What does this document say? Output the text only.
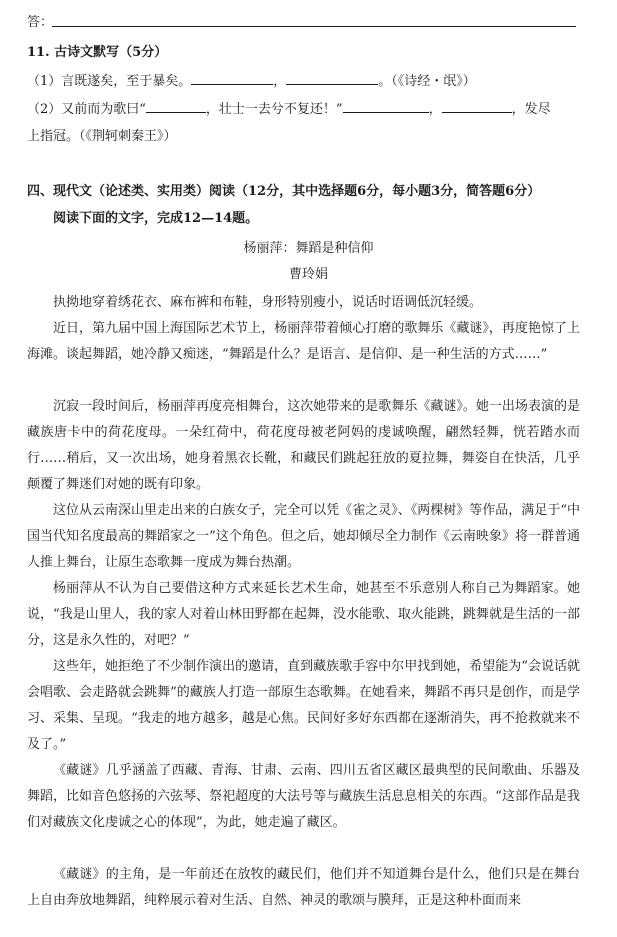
答：
11. 古诗文默写（5分）
（1）言既遂矣，至于暴矣。	，	。（《诗经・氓》）
（2）又前而为歌曰“	，壮士一去兮不复还！”	，	，发尽
上指冠。（《荆轲刺秦王》）
四、现代文（论述类、实用类）阅读（12分，其中选择题6分，每小题3分，简答题6分）
阅读下面的文字，完成12—14题。
杨丽萍：舞蹈是种信仰
曹玲娟
执拗地穿着绣花衣、麻布裤和布鞋，身形特别瘦小，说话时语调低沉轻缓。
近日，第九届中国上海国际艺术节上，杨丽萍带着倾心打磨的歌舞乐《藏谜》，再度艳惊了上海滩。谈起舞蹈，她冷静又痴迷，“舞蹈是什么？是语言、是信仰、是一种生活的方式……”
沉寂一段时间后，杨丽萍再度亮相舞台，这次她带来的是歌舞乐《藏谜》。她一出场表演的是藏族唐卡中的荷花度母。一朵红荷中，荷花度母被老阿妈的虔诚唤醒，翩然轻舞，恍若踏水而行……稍后，又一次出场，她身着黑衣长靴，和藏民们跳起狂放的夏拉舞，舞姿自在快活，几乎颠覆了舞迷们对她的既有印象。
这位从云南深山里走出来的白族女子，完全可以凭《雀之灵》、《两棵树》等作品，满足于“中国当代知名度最高的舞蹈家之一”这个角色。但之后，她却倾尽全力制作《云南映象》将一群普通人推上舞台，让原生态歌舞一度成为舞台热潮。
杨丽萍从不认为自己要借这种方式来延长艺术生命，她甚至不乐意别人称自己为舞蹈家。她说，“我是山里人，我的家人对着山林田野都在起舞，没水能歌、取火能跳，跳舞就是生活的一部分，这是永久性的，对吧？”
这些年，她拒绝了不少制作演出的邀请，直到藏族歌手容中尔甲找到她，希望能为“会说话就会唱歌、会走路就会跳舞”的藏族人打造一部原生态歌舞。在她看来，舞蹈不再只是创作，而是学习、采集、呈现。“我走的地方越多，越是心焦。民间好多好东西都在逐渐消失，再不抢救就来不及了。”
《藏谜》几乎涵盖了西藏、青海、甘肃、云南、四川五省区藏区最典型的民间歌曲、乐器及舞蹈，比如音色悠扬的六弦琴、祭祀超度的大法号等与藏族生活息息相关的东西。“这部作品是我们对藏族文化虔诚之心的体现”，为此，她走遍了藏区。
《藏谜》的主角，是一年前还在放牧的藏民们，他们并不知道舞台是什么，他们只是在舞台上自由奔放地舞蹈，纯粹展示着对生活、自然、神灵的歌颂与膜拜，正是这种朴面而来
